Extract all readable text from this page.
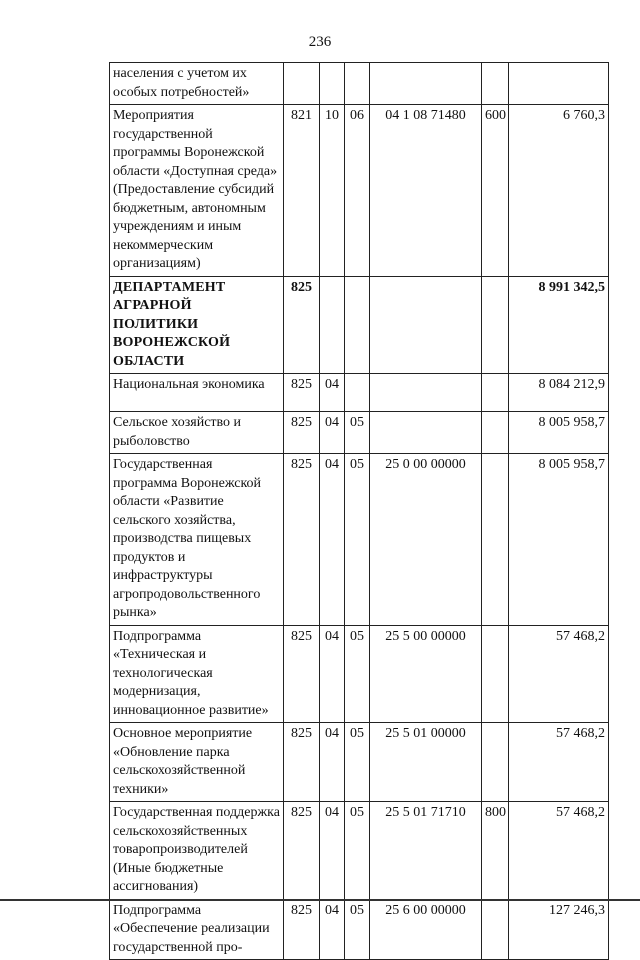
236
населения с учетом их особых потребностей»						
Мероприятия государственной программы Воронежской области «Доступная среда» (Предоставление субсидий бюджетным, автономным учреждениям и иным некоммерческим организациям)	821	10	06	04 1 08 71480	600	6 760,3
ДЕПАРТАМЕНТ АГРАРНОЙ ПОЛИТИКИ ВОРОНЕЖСКОЙ ОБЛАСТИ	825					8 991 342,5
Национальная экономика	825	04				8 084 212,9
Сельское хозяйство и рыболовство	825	04	05			8 005 958,7
Государственная программа Воронежской области «Развитие сельского хозяйства, производства пищевых продуктов и инфраструктуры агропродовольственного рынка»	825	04	05	25 0 00 00000		8 005 958,7
Подпрограмма «Техническая и технологическая модернизация, инновационное развитие»	825	04	05	25 5 00 00000		57 468,2
Основное мероприятие «Обновление парка сельскохозяйственной техники»	825	04	05	25 5 01 00000		57 468,2
Государственная поддержка сельскохозяйственных товаропроизводителей (Иные бюджетные ассигнования)	825	04	05	25 5 01 71710	800	57 468,2
Подпрограмма «Обеспечение реализации государственной про-	825	04	05	25 6 00 00000		127 246,3
